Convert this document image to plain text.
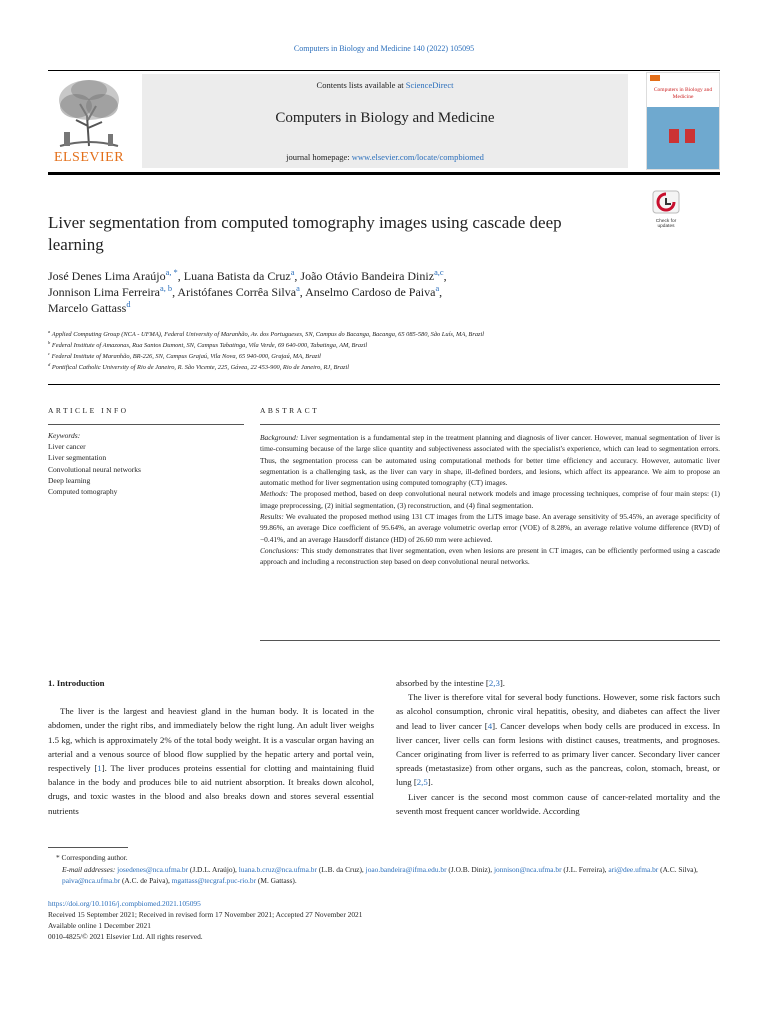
Computers in Biology and Medicine 140 (2022) 105095
ELSEVIER
Contents lists available at ScienceDirect
Computers in Biology and Medicine
journal homepage: www.elsevier.com/locate/compbiomed
Computers in Biology and Medicine
Check for updates
Liver segmentation from computed tomography images using cascade deep learning
José Denes Lima Araújo$^{a, *}$, Luana Batista da Cruz$^a$, João Otávio Bandeira Diniz$^{a,c}$,
Jonnison Lima Ferreira$^{a, b}$, Aristófanes Corrêa Silva$^a$, Anselmo Cardoso de Paiva$^a$,
Marcelo Gattass$^d$
$^a$ Applied Computing Group (NCA - UFMA), Federal University of Maranhão, Av. dos Portugueses, SN, Campus do Bacanga, Bacanga, 65 085-580, São Luís, MA, Brazil
$^b$ Federal Institute of Amazonas, Rua Santos Dumont, SN, Campus Tabatinga, Vila Verde, 69 640-000, Tabatinga, AM, Brazil
$^c$ Federal Institute of Maranhão, BR-226, SN, Campus Grajaú, Vila Nova, 65 940-000, Grajaú, MA, Brazil
$^d$ Pontifical Catholic University of Rio de Janeiro, R. São Vicente, 225, Gávea, 22 453-900, Rio de Janeiro, RJ, Brazil
ARTICLE INFO
Keywords:
Liver cancer
Liver segmentation
Convolutional neural networks
Deep learning
Computed tomography
ABSTRACT
Background: Liver segmentation is a fundamental step in the treatment planning and diagnosis of liver cancer. However, manual segmentation of liver is time-consuming because of the large slice quantity and subjectiveness associated with the specialist's experience, which can lead to segmentation errors. Thus, the segmentation process can be automated using computational methods for better time efficiency and accuracy. However, automatic liver segmentation is a challenging task, as the liver can vary in shape, ill-defined borders, and lesions, which affect its appearance. We aim to propose an automatic method for liver segmentation using computed tomography (CT) images.
Methods: The proposed method, based on deep convolutional neural network models and image processing techniques, comprise of four main steps: (1) image preprocessing, (2) initial segmentation, (3) reconstruction, and (4) final segmentation.
Results: We evaluated the proposed method using 131 CT images from the LiTS image base. An average sensitivity of 95.45%, an average specificity of 99.86%, an average Dice coefficient of 95.64%, an average volumetric overlap error (VOE) of 8.28%, an average relative volume difference (RVD) of −0.41%, and an average Hausdorff distance (HD) of 26.60 mm were achieved.
Conclusions: This study demonstrates that liver segmentation, even when lesions are present in CT images, can be efficiently performed using a cascade approach and including a reconstruction step based on deep convolutional neural networks.
1. Introduction

The liver is the largest and heaviest gland in the human body. It is located in the abdomen, under the right ribs, and immediately below the right lung. An adult liver weighs 1.5 kg, which is approximately 2% of the total body weight. It is a vascular organ having an arterial and a venous source of blood flow supplied by the hepatic artery and portal vein, respectively [1]. The liver produces proteins essential for clotting and maintaining fluid balance in the body and produces bile to aid nutrient absorption. It breaks down alcohol, drugs, and toxic wastes in the blood and also breaks down and stores several essential nutrients

absorbed by the intestine [2,3].

The liver is therefore vital for several body functions. However, some risk factors such as alcohol consumption, chronic viral hepatitis, obesity, and diabetes can affect the liver and lead to liver cancer [4]. Cancer develops when body cells are produced in excess. In liver cancer, liver cells can form lesions with distinct causes, treatments, and prognoses. Cancer originating from liver is referred to as primary liver cancer. Secondary liver cancer spreads (metastasize) from other organs, such as the pancreas, colon, stomach, breast, or lung [2,5].

Liver cancer is the second most common cause of cancer-related mortality and the seventh most frequent cancer worldwide. According

* Corresponding author.
E-mail addresses: josedenes@nca.ufma.br (J.D.L. Araújo), luana.b.cruz@nca.ufma.br (L.B. da Cruz), joao.bandeira@ifma.edu.br (J.O.B. Diniz), jonnison@nca.ufma.br (J.L. Ferreira), ari@dee.ufma.br (A.C. Silva), paiva@nca.ufma.br (A.C. de Paiva), mgattass@tecgraf.puc-rio.br (M. Gattass).
https://doi.org/10.1016/j.compbiomed.2021.105095
Received 15 September 2021; Received in revised form 17 November 2021; Accepted 27 November 2021
Available online 1 December 2021
0010-4825/© 2021 Elsevier Ltd. All rights reserved.
